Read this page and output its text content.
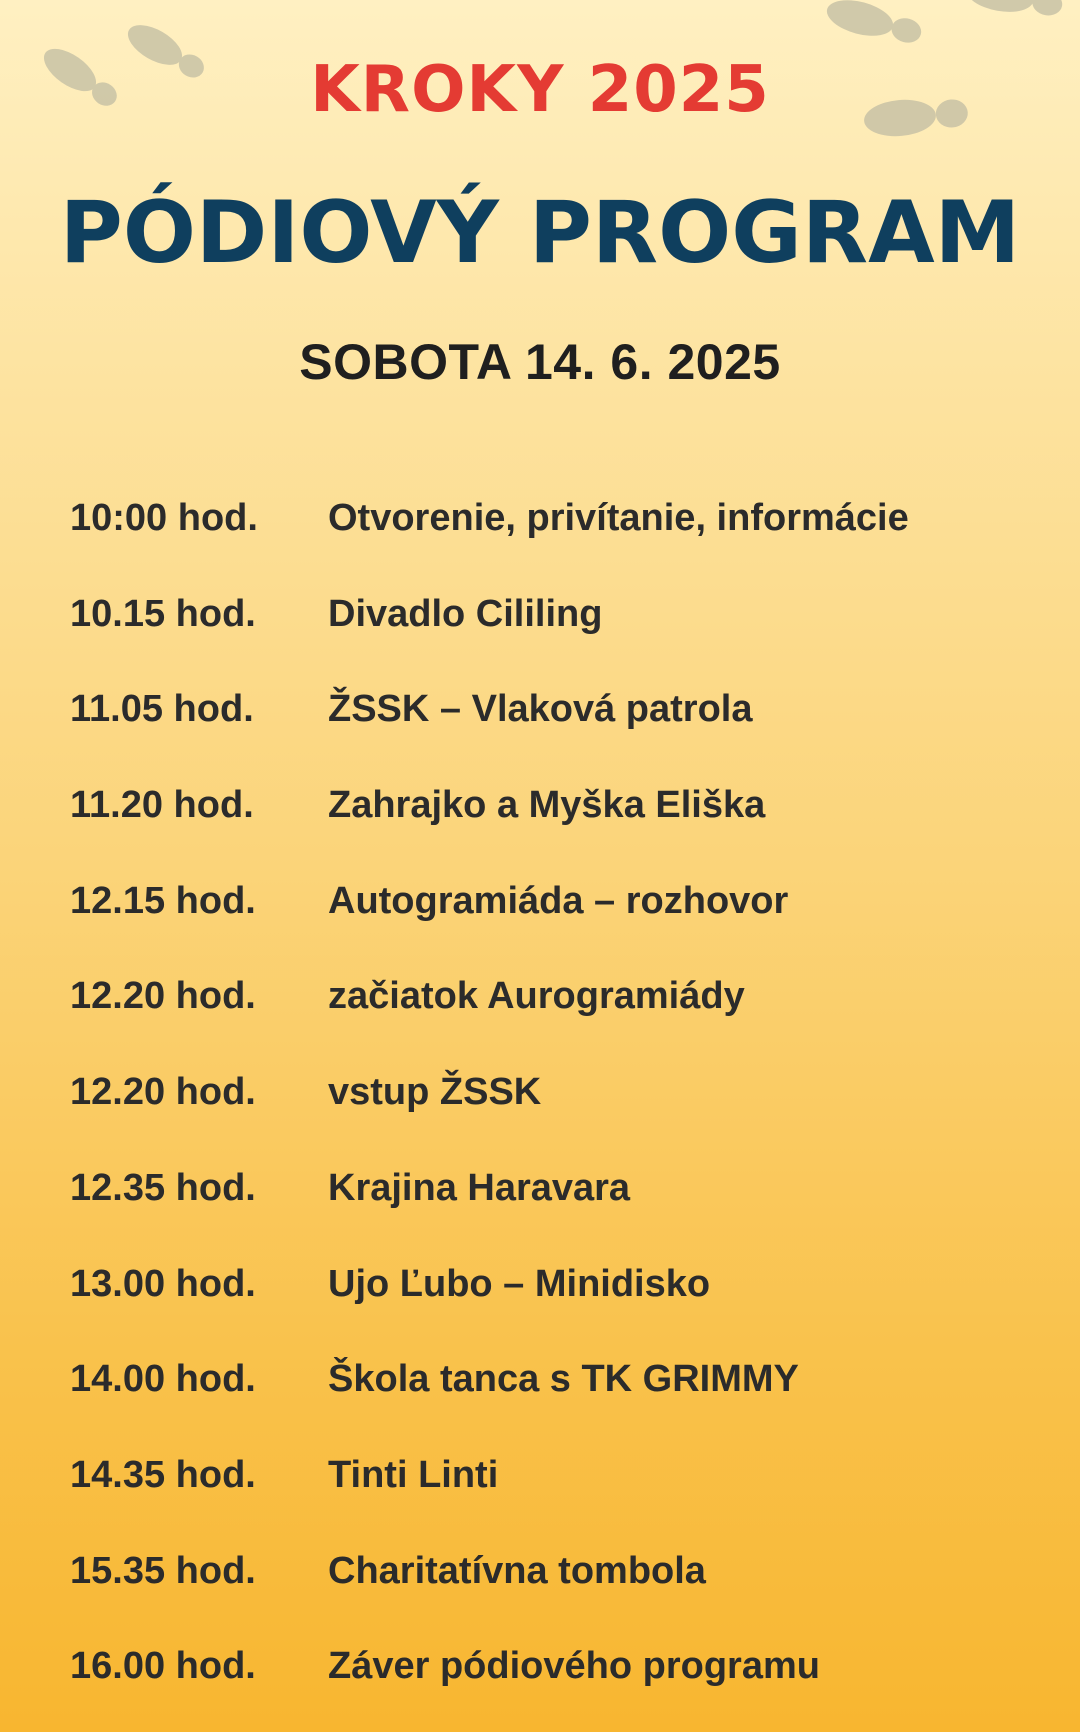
KROKY 2025
PÓDIOVÝ PROGRAM
SOBOTA 14. 6. 2025
10:00 hod.	Otvorenie, privítanie, informácie
10.15 hod.	Divadlo Cililing
11.05 hod.	ŽSSK – Vlaková patrola
11.20 hod.	Zahrajko a Myška Eliška
12.15 hod.	Autogramiáda – rozhovor
12.20 hod.	začiatok Aurogramiády
12.20 hod.	vstup ŽSSK
12.35 hod.	Krajina Haravara
13.00 hod.	Ujo Ľubo – Minidisko
14.00 hod.	Škola tanca s TK GRIMMY
14.35 hod.	Tinti Linti
15.35 hod.	Charitatívna tombola
16.00 hod.	Záver pódiového programu
